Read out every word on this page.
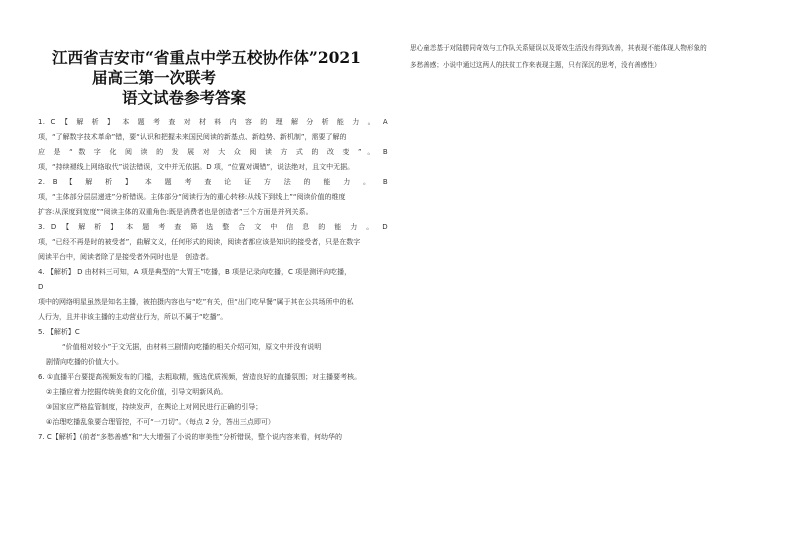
江西省吉安市“省重点中学五校协作体”2021
届高三第一次联考
语文试卷参考答案
1. C 【 解 析 】 本 题 考 查 对 材 料 内 容 的 理 解 分 析 能 力 。 A
项，“了解数字技术革命”错，要“认识和把握未来国民阅读的新基点、新趋势、新机制”，需要了解的
应 是 “ 数 字 化 阅 读 的 发 展 对 大 众 阅 读 方 式 的 改 变 ” 。 B
项，“持续褪线上网络取代”说法错误，文中并无依据。D 项，“位置对调错”，说法绝对，且文中无据。
2. B 【 解 析 】 本 题 考 查 论 证 方 法 的 能 力 。 B
项，“主体部分层层递进”分析错误。主体部分“阅读行为的重心转移:从线下到线上”“阅读价值的维度
扩容:从深度到宽度”“阅读主体的双重角色:既是消费者也是创造者”三个方面是并列关系。
3. D 【 解 析 】 本 题 考 查 筛 选 整 合 文 中 信 息 的 能 力 。 D
项，“已经不再是时的被受者”，曲解文义，任何形式的阅读，阅读者都应该是知识的接受者，只是在数字
阅读平台中，阅读者除了是接受者外同时也是　创造者。
4. 【解析】 D 由材料三可知，A 项是典型的“大胃王”吃播，B 项是记录向吃播，C 项是测评向吃播，
D
项中的网络明星虽然是知名主播，被拍摄内容也与“吃”有关，但“出门吃早餐”属于其在公共场所中的私
人行为，且并非该主播的主动营业行为，所以不属于“吃播”。
5. 【解析】C
“价值相对较小”于文无据，由材料三剧情向吃播的相关介绍可知，原文中并没有说明
剧情向吃播的价值大小。
6. ①直播平台要提高视频发布的门槛，去粗取精，甄选优质视频，营造良好的直播氛围；对主播要考核。
②主播应着力挖掘传统美食的文化价值，引导文明新风尚。
③国家应严格监管制度，持续发声，在舆论上对网民进行正确的引导；
④治理吃播乱象要合理管控，不可“一刀切”。（每点 2 分，答出三点即可）
7. C【解析】(前者“多愁善感”和“大大增强了小说的审美性”分析错误，整个说内容来看，何幼华的
思心童恙基于对陆勝同奇效与工作队关系疑误以及哥效生活没有得到改善，其表现不能体现人物形象的
多愁善感；小说中通过这两人的扶贫工作来表现主题，只有深沉的思考，没有善感性）
